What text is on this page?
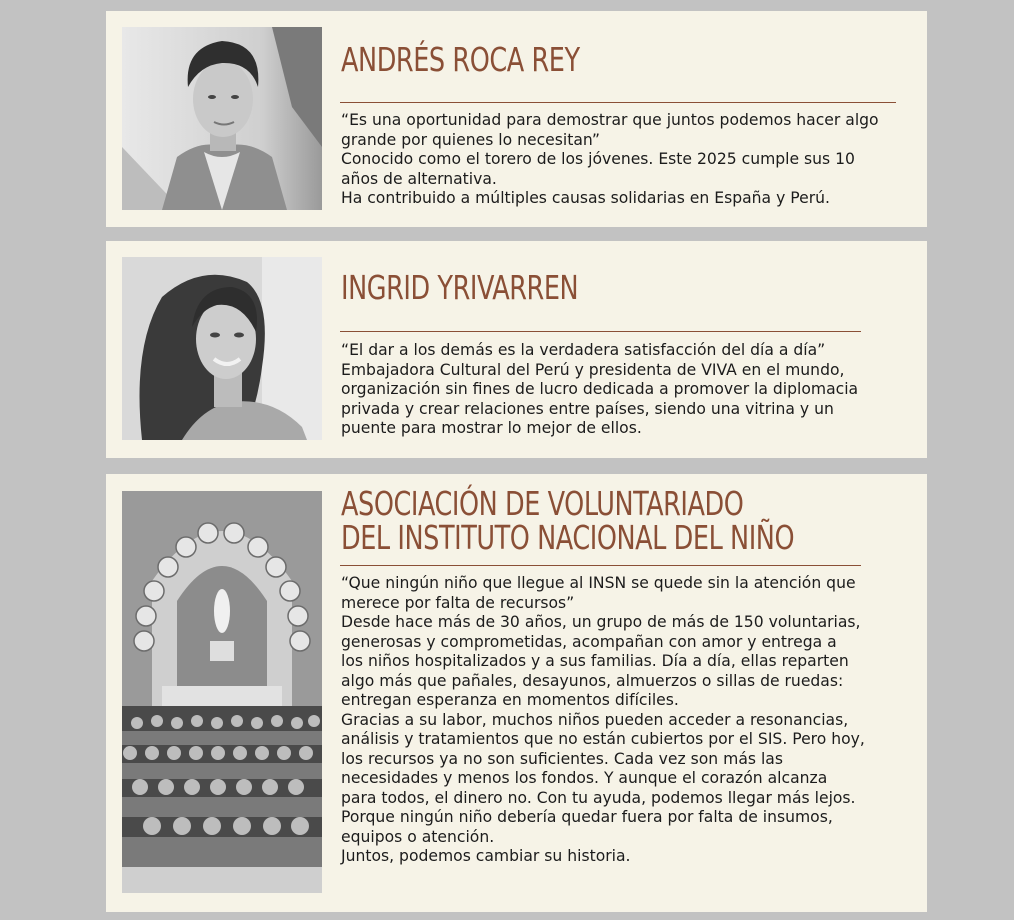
ANDRÉS ROCA REY
“Es una oportunidad para demostrar que juntos podemos hacer algo
grande por quienes lo necesitan”
Conocido como el torero de los jóvenes. Este 2025 cumple sus 10
años de alternativa.
Ha contribuido a múltiples causas solidarias en España y Perú.
INGRID YRIVARREN
“El dar a los demás es la verdadera satisfacción del día a día”
Embajadora Cultural del Perú y presidenta de VIVA en el mundo,
organización sin fines de lucro dedicada a promover la diplomacia
privada y crear relaciones entre países, siendo una vitrina y un
puente para mostrar lo mejor de ellos.
ASOCIACIÓN DE VOLUNTARIADO
DEL INSTITUTO NACIONAL DEL NIÑO
“Que ningún niño que llegue al INSN se quede sin la atención que
merece por falta de recursos”
Desde hace más de 30 años, un grupo de más de 150 voluntarias,
generosas y comprometidas, acompañan con amor y entrega a
los niños hospitalizados y a sus familias. Día a día, ellas reparten
algo más que pañales, desayunos, almuerzos o sillas de ruedas:
entregan esperanza en momentos difíciles.
Gracias a su labor, muchos niños pueden acceder a resonancias,
análisis y tratamientos que no están cubiertos por el SIS. Pero hoy,
los recursos ya no son suficientes. Cada vez son más las
necesidades y menos los fondos. Y aunque el corazón alcanza
para todos, el dinero no. Con tu ayuda, podemos llegar más lejos.
Porque ningún niño debería quedar fuera por falta de insumos,
equipos o atención.
Juntos, podemos cambiar su historia.
